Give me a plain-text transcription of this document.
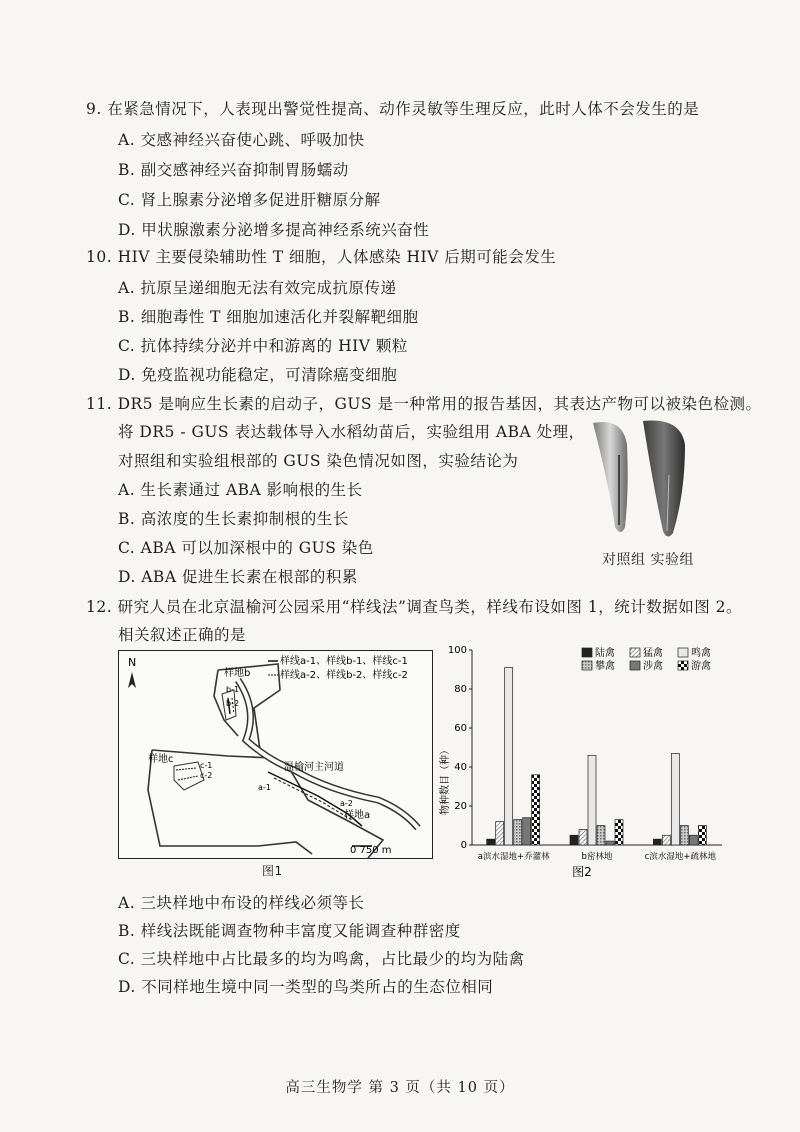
9. 在紧急情况下，人表现出警觉性提高、动作灵敏等生理反应，此时人体不会发生的是
A. 交感神经兴奋使心跳、呼吸加快
B. 副交感神经兴奋抑制胃肠蠕动
C. 肾上腺素分泌增多促进肝糖原分解
D. 甲状腺激素分泌增多提高神经系统兴奋性
10. HIV 主要侵染辅助性 T 细胞，人体感染 HIV 后期可能会发生
A. 抗原呈递细胞无法有效完成抗原传递
B. 细胞毒性 T 细胞加速活化并裂解靶细胞
C. 抗体持续分泌并中和游离的 HIV 颗粒
D. 免疫监视功能稳定，可清除癌变细胞
11. DR5 是响应生长素的启动子，GUS 是一种常用的报告基因，其表达产物可以被染色检测。
将 DR5 - GUS 表达载体导入水稻幼苗后，实验组用 ABA 处理，
对照组和实验组根部的 GUS 染色情况如图，实验结论为
A. 生长素通过 ABA 影响根的生长
B. 高浓度的生长素抑制根的生长
C. ABA 可以加深根中的 GUS 染色
D. ABA 促进生长素在根部的积累
对照组 实验组
12. 研究人员在北京温榆河公园采用“样线法”调查鸟类，样线布设如图 1，统计数据如图 2。
相关叙述正确的是
N
样地b
b-1
b-2
样地c
c-1
c-2
温榆河主河道
a-1
a-2
样地a
样线a-1、样线b-1、样线c-1
样线a-2、样线b-2、样线c-2
0 750 m
图1
物种数目（种）
图2
0
20
40
60
80
100
a滨水湿地+乔灌林	b密林地	c滨水湿地+疏林地
陆禽	猛禽	鸣禽
攀禽	涉禽	游禽
A. 三块样地中布设的样线必须等长
B. 样线法既能调查物种丰富度又能调查种群密度
C. 三块样地中占比最多的均为鸣禽，占比最少的均为陆禽
D. 不同样地生境中同一类型的鸟类所占的生态位相同
高三生物学 第 3 页（共 10 页）
